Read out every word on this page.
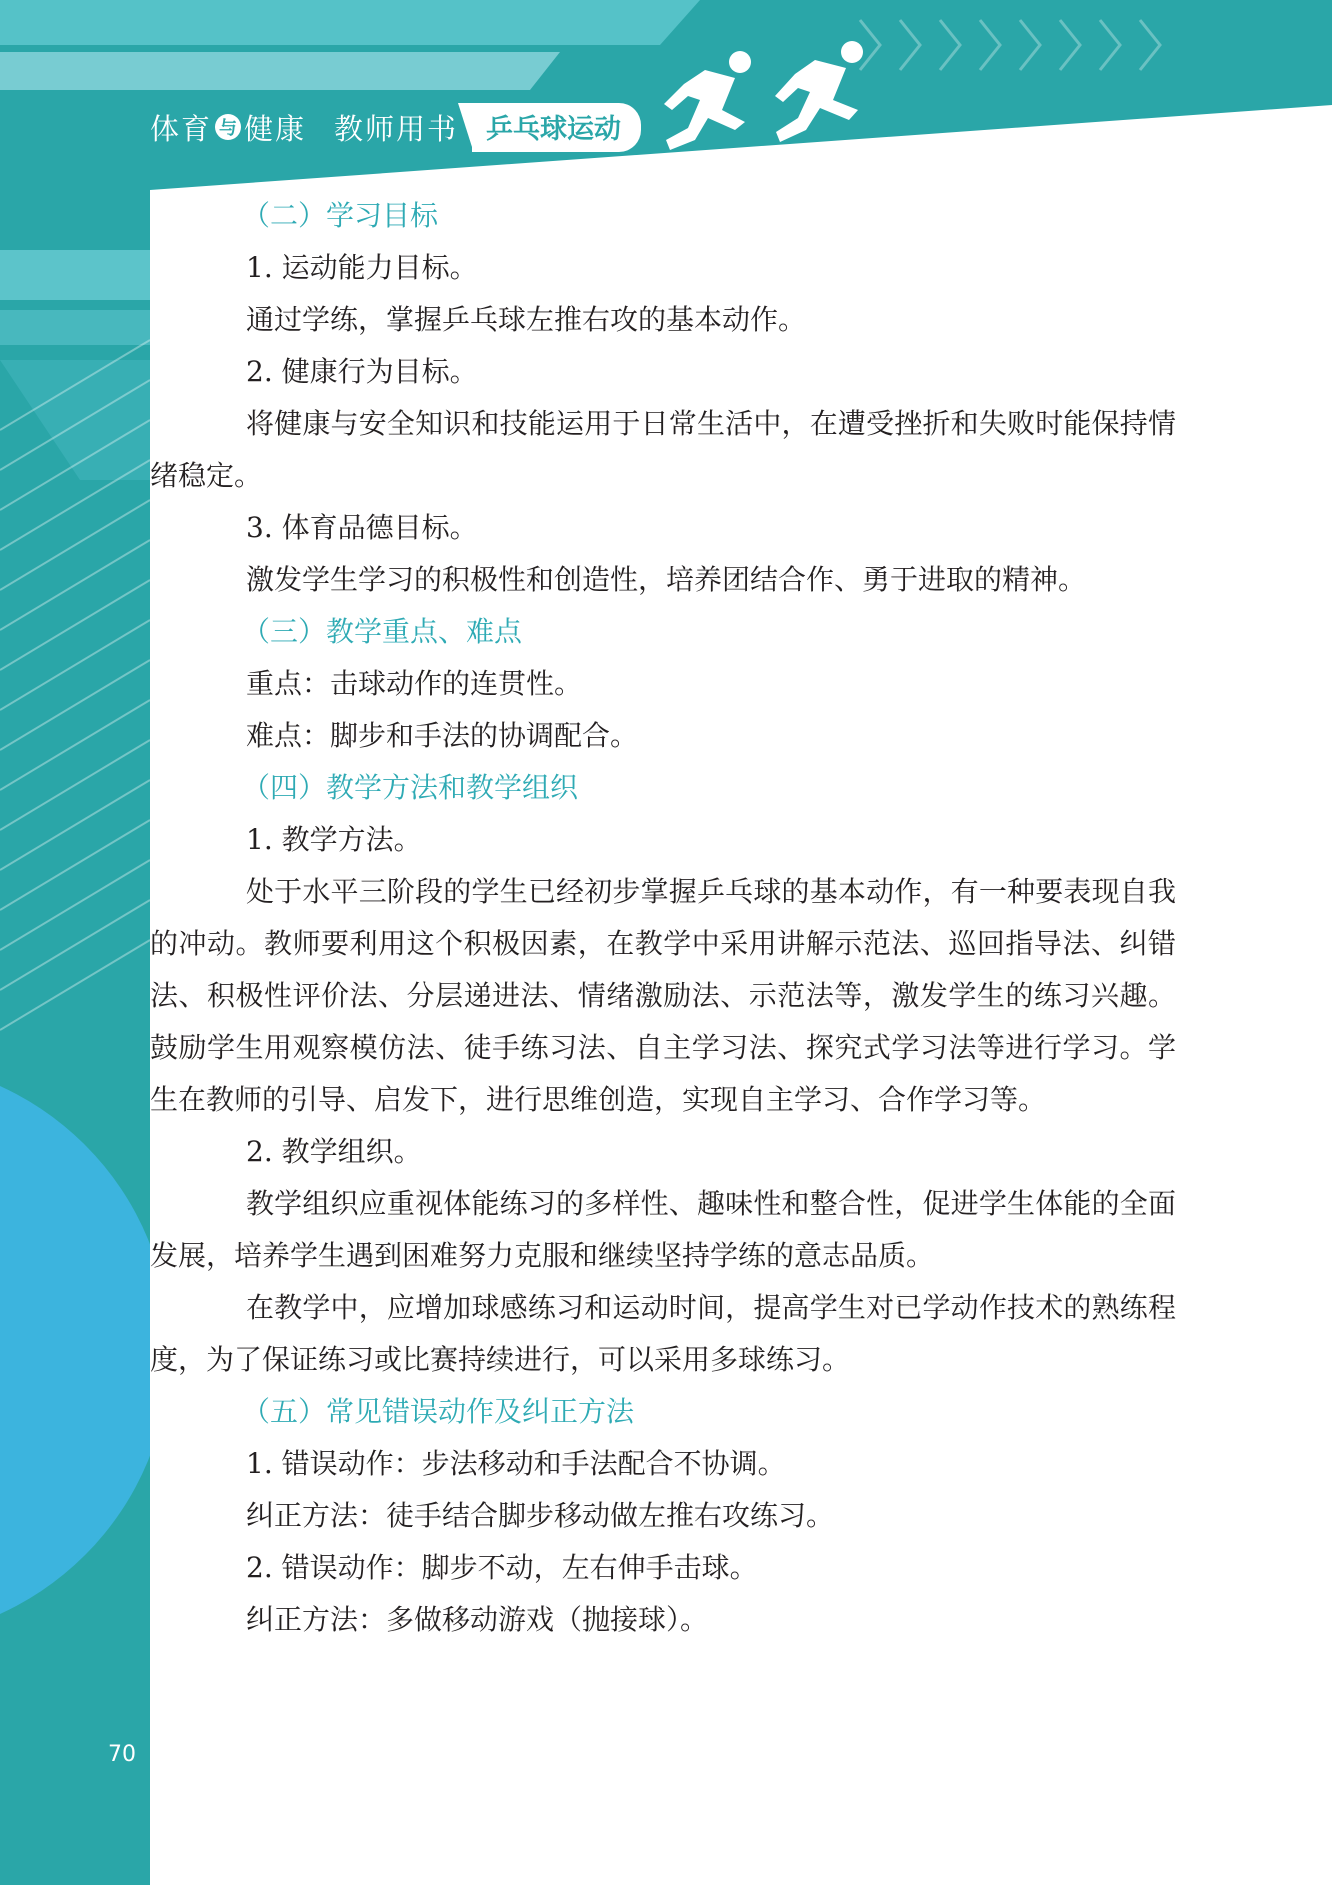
体育 与 健康 教师用书	乒乓球运动
（二）学习目标
1. 运动能力目标。
通过学练，掌握乒乓球左推右攻的基本动作。
2. 健康行为目标。
将健康与安全知识和技能运用于日常生活中，在遭受挫折和失败时能保持情绪稳定。
3. 体育品德目标。
激发学生学习的积极性和创造性，培养团结合作、勇于进取的精神。
（三）教学重点、难点
重点：击球动作的连贯性。
难点：脚步和手法的协调配合。
（四）教学方法和教学组织
1. 教学方法。
处于水平三阶段的学生已经初步掌握乒乓球的基本动作，有一种要表现自我的冲动。教师要利用这个积极因素，在教学中采用讲解示范法、巡回指导法、纠错法、积极性评价法、分层递进法、情绪激励法、示范法等，激发学生的练习兴趣。鼓励学生用观察模仿法、徒手练习法、自主学习法、探究式学习法等进行学习。学生在教师的引导、启发下，进行思维创造，实现自主学习、合作学习等。
2. 教学组织。
教学组织应重视体能练习的多样性、趣味性和整合性，促进学生体能的全面发展，培养学生遇到困难努力克服和继续坚持学练的意志品质。
在教学中，应增加球感练习和运动时间，提高学生对已学动作技术的熟练程度，为了保证练习或比赛持续进行，可以采用多球练习。
（五）常见错误动作及纠正方法
1. 错误动作：步法移动和手法配合不协调。
纠正方法：徒手结合脚步移动做左推右攻练习。
2. 错误动作：脚步不动，左右伸手击球。
纠正方法：多做移动游戏（抛接球）。
70
